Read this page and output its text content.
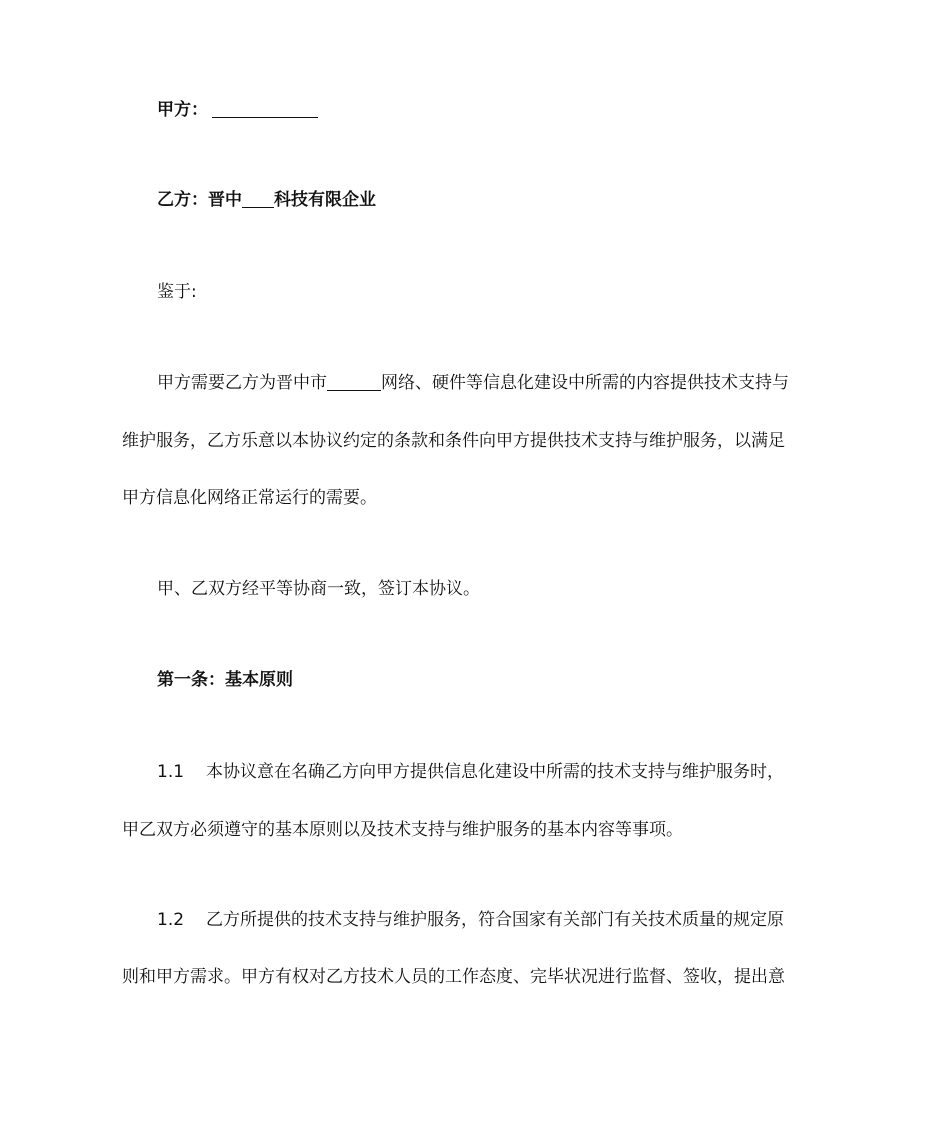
甲方：
乙方：晋中 科技有限企业
鉴于:
甲方需要乙方为晋中市	网络、硬件等信息化建设中所需的内容提供技术支持与
维护服务，乙方乐意以本协议约定的条款和条件向甲方提供技术支持与维护服务，以满足
甲方信息化网络正常运行的需要。
甲、乙双方经平等协商一致，签订本协议。
第一条：基本原则
1.1 本协议意在名确乙方向甲方提供信息化建设中所需的技术支持与维护服务时，
甲乙双方必须遵守的基本原则以及技术支持与维护服务的基本内容等事项。
1.2 乙方所提供的技术支持与维护服务，符合国家有关部门有关技术质量的规定原
则和甲方需求。甲方有权对乙方技术人员的工作态度、完毕状况进行监督、签收，提出意
